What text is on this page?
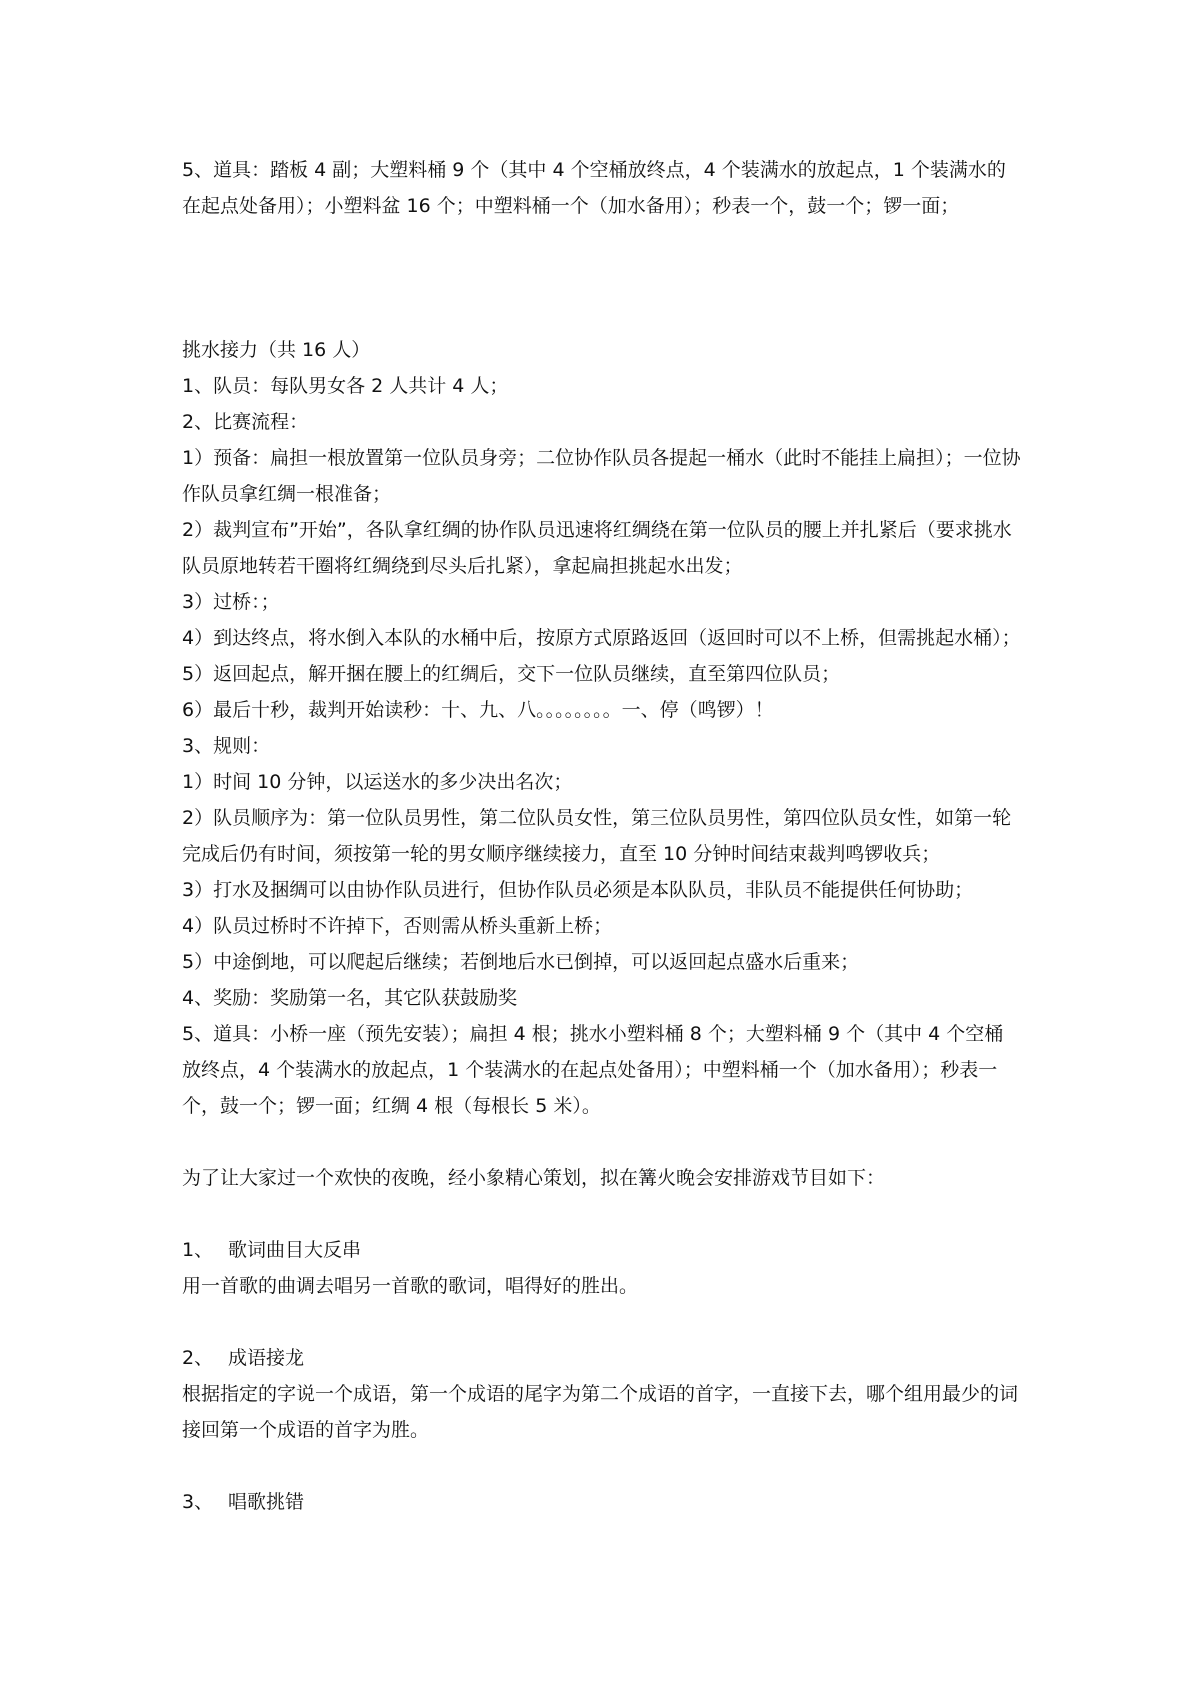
5、道具：踏板 4 副；大塑料桶 9 个（其中 4 个空桶放终点，4 个装满水的放起点，1 个装满水的在起点处备用）；小塑料盆 16 个；中塑料桶一个（加水备用）；秒表一个，鼓一个；锣一面；

挑水接力（共 16 人）

1、队员：每队男女各 2 人共计 4 人；

2、比赛流程：

1）预备：扁担一根放置第一位队员身旁；二位协作队员各提起一桶水（此时不能挂上扁担）；一位协作队员拿红绸一根准备；

2）裁判宣布”开始”，各队拿红绸的协作队员迅速将红绸绕在第一位队员的腰上并扎紧后（要求挑水队员原地转若干圈将红绸绕到尽头后扎紧），拿起扁担挑起水出发；

3）过桥：；

4）到达终点，将水倒入本队的水桶中后，按原方式原路返回（返回时可以不上桥，但需挑起水桶）；

5）返回起点，解开捆在腰上的红绸后，交下一位队员继续，直至第四位队员；

6）最后十秒，裁判开始读秒：十、九、八。。。。。。。。一、停（鸣锣）！

3、规则：

1）时间 10 分钟，以运送水的多少决出名次；

2）队员顺序为：第一位队员男性，第二位队员女性，第三位队员男性，第四位队员女性，如第一轮完成后仍有时间，须按第一轮的男女顺序继续接力，直至 10 分钟时间结束裁判鸣锣收兵；

3）打水及捆绸可以由协作队员进行，但协作队员必须是本队队员，非队员不能提供任何协助；

4）队员过桥时不许掉下，否则需从桥头重新上桥；

5）中途倒地，可以爬起后继续；若倒地后水已倒掉，可以返回起点盛水后重来；

4、奖励：奖励第一名，其它队获鼓励奖

5、道具：小桥一座（预先安装）；扁担 4 根；挑水小塑料桶 8 个；大塑料桶 9 个（其中 4 个空桶放终点，4 个装满水的放起点，1 个装满水的在起点处备用）；中塑料桶一个（加水备用）；秒表一个，鼓一个；锣一面；红绸 4 根（每根长 5 米）。

为了让大家过一个欢快的夜晚，经小象精心策划，拟在篝火晚会安排游戏节目如下：

1、 歌词曲目大反串

用一首歌的曲调去唱另一首歌的歌词，唱得好的胜出。

2、 成语接龙

根据指定的字说一个成语，第一个成语的尾字为第二个成语的首字，一直接下去，哪个组用最少的词接回第一个成语的首字为胜。

3、 唱歌挑错
